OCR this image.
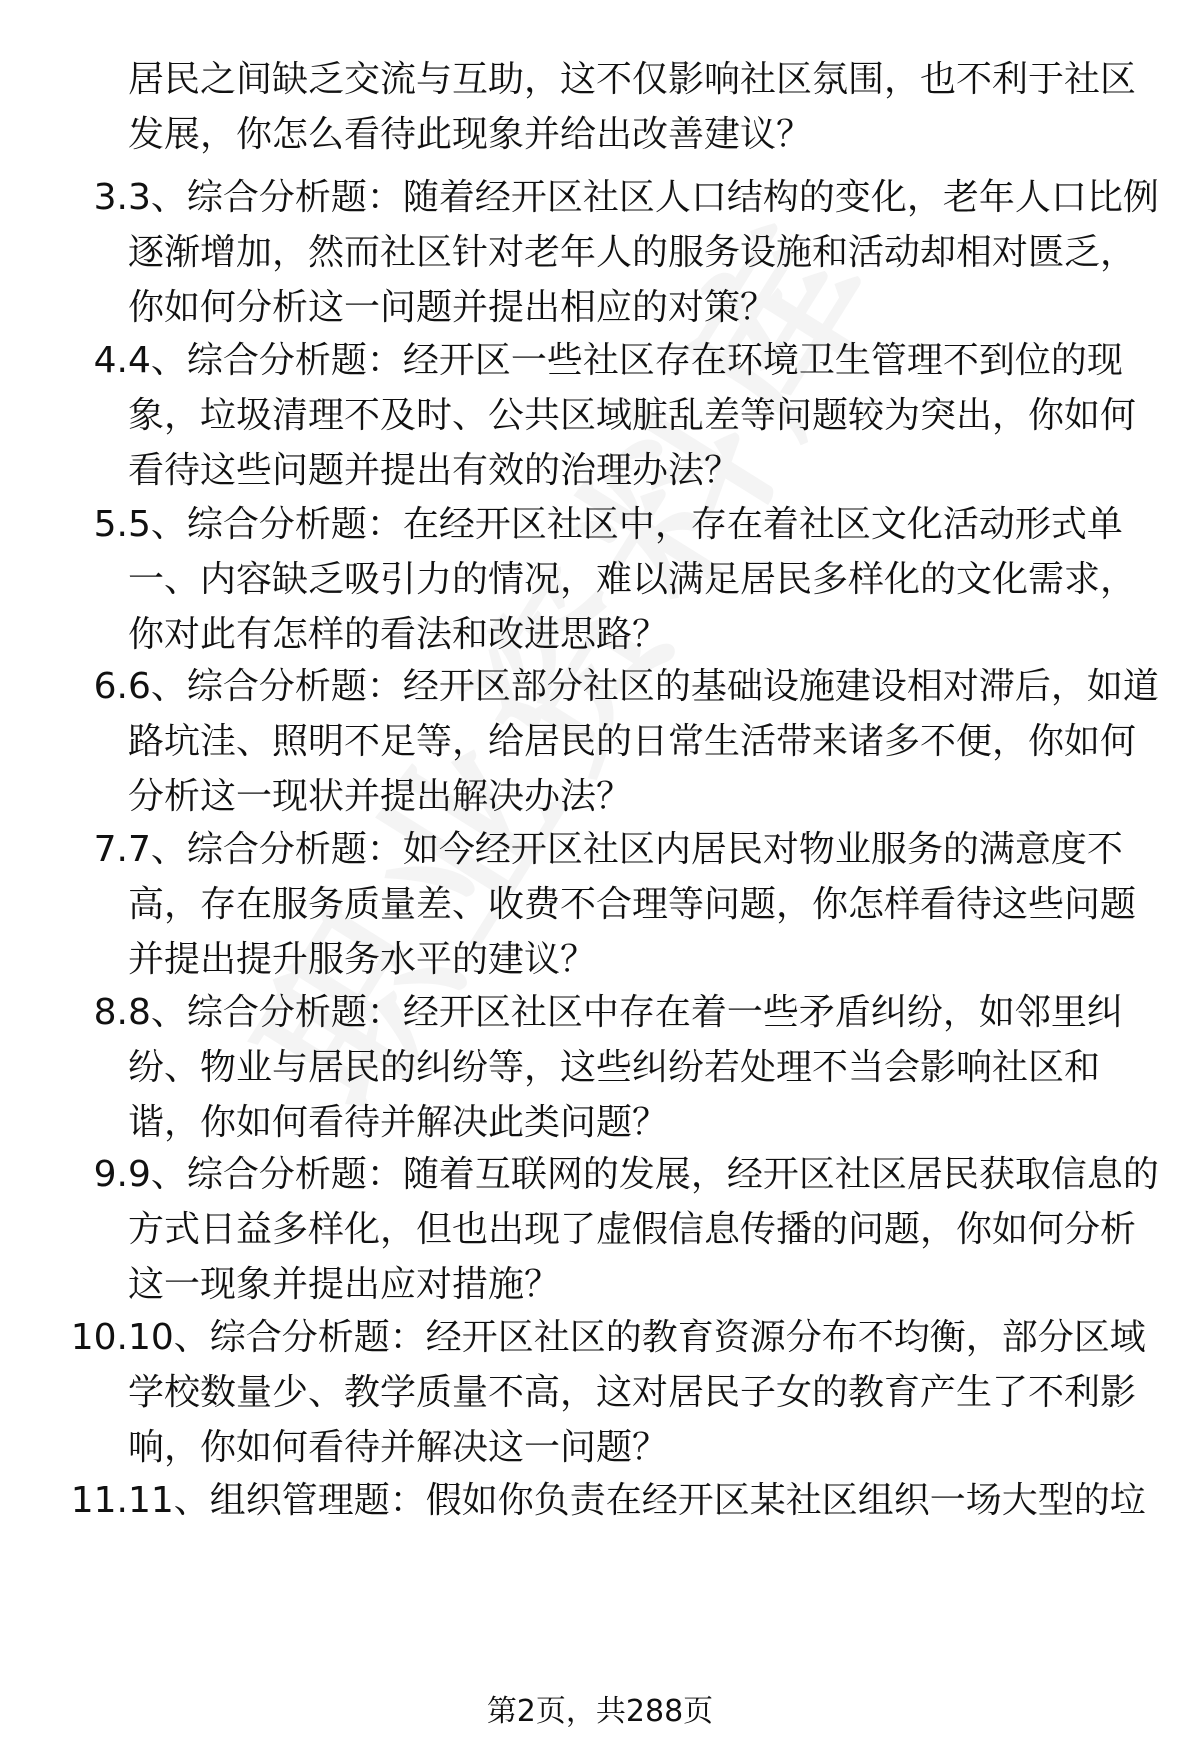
居民之间缺乏交流与互助，这不仅影响社区氛围，也不利于社区发展，你怎么看待此现象并给出改善建议？

3. 3、综合分析题：随着经开区社区人口结构的变化，老年人口比例逐渐增加，然而社区针对老年人的服务设施和活动却相对匮乏，你如何分析这一问题并提出相应的对策？

4. 4、综合分析题：经开区一些社区存在环境卫生管理不到位的现象，垃圾清理不及时、公共区域脏乱差等问题较为突出，你如何看待这些问题并提出有效的治理办法？

5. 5、综合分析题：在经开区社区中，存在着社区文化活动形式单一、内容缺乏吸引力的情况，难以满足居民多样化的文化需求，你对此有怎样的看法和改进思路？

6. 6、综合分析题：经开区部分社区的基础设施建设相对滞后，如道路坑洼、照明不足等，给居民的日常生活带来诸多不便，你如何分析这一现状并提出解决办法？

7. 7、综合分析题：如今经开区社区内居民对物业服务的满意度不高，存在服务质量差、收费不合理等问题，你怎样看待这些问题并提出提升服务水平的建议？

8. 8、综合分析题：经开区社区中存在着一些矛盾纠纷，如邻里纠纷、物业与居民的纠纷等，这些纠纷若处理不当会影响社区和谐，你如何看待并解决此类问题？

9. 9、综合分析题：随着互联网的发展，经开区社区居民获取信息的方式日益多样化，但也出现了虚假信息传播的问题，你如何分析这一现象并提出应对措施？

10. 10、综合分析题：经开区社区的教育资源分布不均衡，部分区域学校数量少、教学质量不高，这对居民子女的教育产生了不利影响，你如何看待并解决这一问题？

11. 11、组织管理题：假如你负责在经开区某社区组织一场大型的垃

第2页，共288页
